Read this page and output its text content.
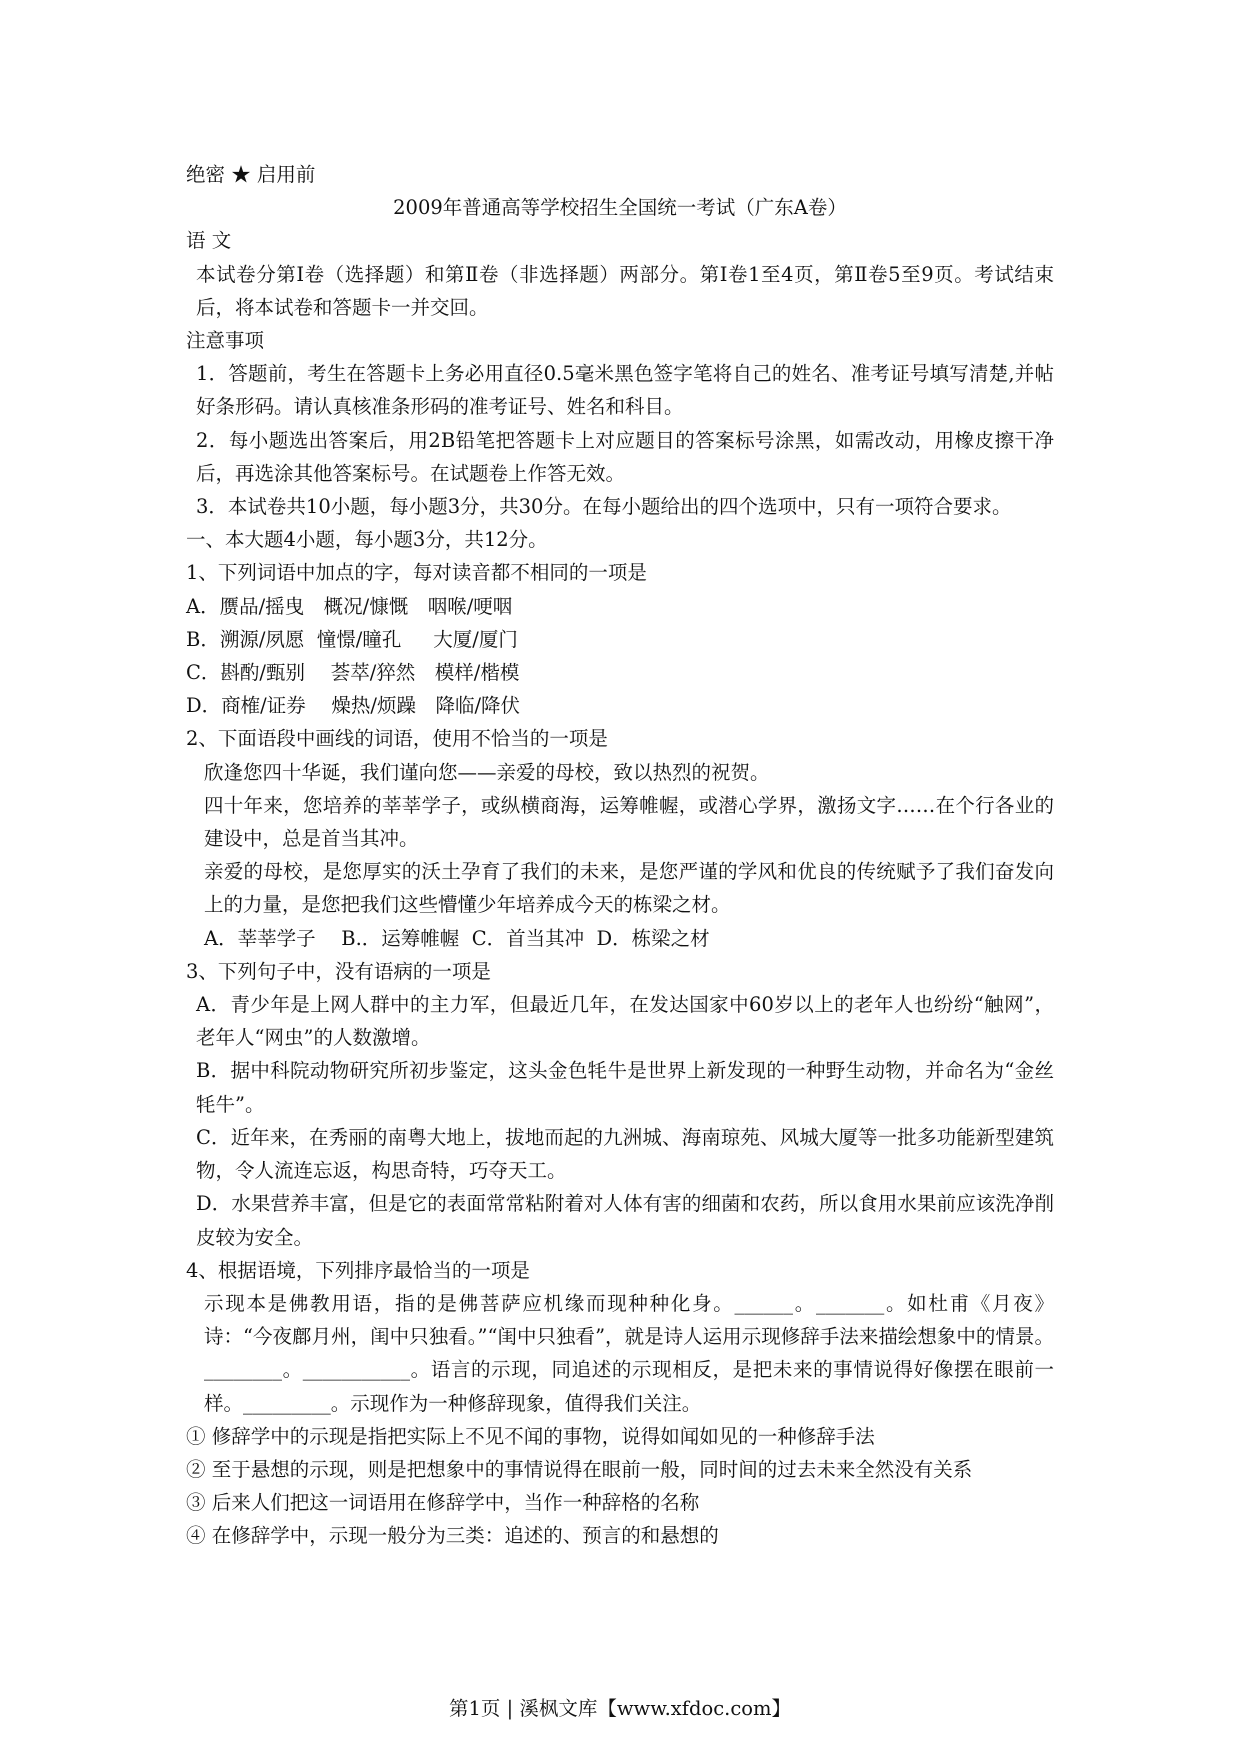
绝密 ★ 启用前

2009年普通高等学校招生全国统一考试（广东A卷）

语 文

本试卷分第Ⅰ卷（选择题）和第Ⅱ卷（非选择题）两部分。第Ⅰ卷1至4页，第Ⅱ卷5至9页。考试结束后，将本试卷和答题卡一并交回。

注意事项

1．答题前，考生在答题卡上务必用直径0.5毫米黑色签字笔将自己的姓名、准考证号填写清楚,并帖好条形码。请认真核准条形码的准考证号、姓名和科目。

2．每小题选出答案后，用2B铅笔把答题卡上对应题目的答案标号涂黑，如需改动，用橡皮擦干净后，再选涂其他答案标号。在试题卷上作答无效。

3．本试卷共10小题，每小题3分，共30分。在每小题给出的四个选项中，只有一项符合要求。

一、本大题4小题，每小题3分，共12分。

1、下列词语中加点的字，每对读音都不相同的一项是

A．赝品/摇曳　概况/慷慨　咽喉/哽咽

B．溯源/夙愿  憧憬/瞳孔　  大厦/厦门

C．斟酌/甄别　 荟萃/猝然　模样/楷模

D．商榷/证券　 燥热/烦躁　降临/降伏

2、下面语段中画线的词语，使用不恰当的一项是

欣逢您四十华诞，我们谨向您——亲爱的母校，致以热烈的祝贺。

四十年来，您培养的莘莘学子，或纵横商海，运筹帷幄，或潜心学界，激扬文字……在个行各业的建设中，总是首当其冲。

亲爱的母校，是您厚实的沃土孕育了我们的未来，是您严谨的学风和优良的传统赋予了我们奋发向上的力量，是您把我们这些懵懂少年培养成今天的栋梁之材。

A．莘莘学子　 B.．运筹帷幄  C．首当其冲  D．栋梁之材

3、下列句子中，没有语病的一项是

A．青少年是上网人群中的主力军，但最近几年，在发达国家中60岁以上的老年人也纷纷“触网”，老年人“网虫”的人数激增。

B．据中科院动物研究所初步鉴定，这头金色牦牛是世界上新发现的一种野生动物，并命名为“金丝牦牛”。

C．近年来，在秀丽的南粤大地上，拔地而起的九洲城、海南琼苑、风城大厦等一批多功能新型建筑物，令人流连忘返，构思奇特，巧夺天工。

D．水果营养丰富，但是它的表面常常粘附着对人体有害的细菌和农药，所以食用水果前应该洗净削皮较为安全。

4、根据语境，下列排序最恰当的一项是

示现本是佛教用语，指的是佛菩萨应机缘而现种种化身。______。_______。如杜甫《月夜》诗：“今夜鄜月州，闺中只独看。”“闺中只独看”，就是诗人运用示现修辞手法来描绘想象中的情景。________。___________。语言的示现，同追述的示现相反，是把未来的事情说得好像摆在眼前一样。_________。示现作为一种修辞现象，值得我们关注。

① 修辞学中的示现是指把实际上不见不闻的事物，说得如闻如见的一种修辞手法

② 至于悬想的示现，则是把想象中的事情说得在眼前一般，同时间的过去未来全然没有关系

③ 后来人们把这一词语用在修辞学中，当作一种辞格的名称

④ 在修辞学中，示现一般分为三类：追述的、预言的和悬想的

第1页 | 溪枫文库【www.xfdoc.com】
